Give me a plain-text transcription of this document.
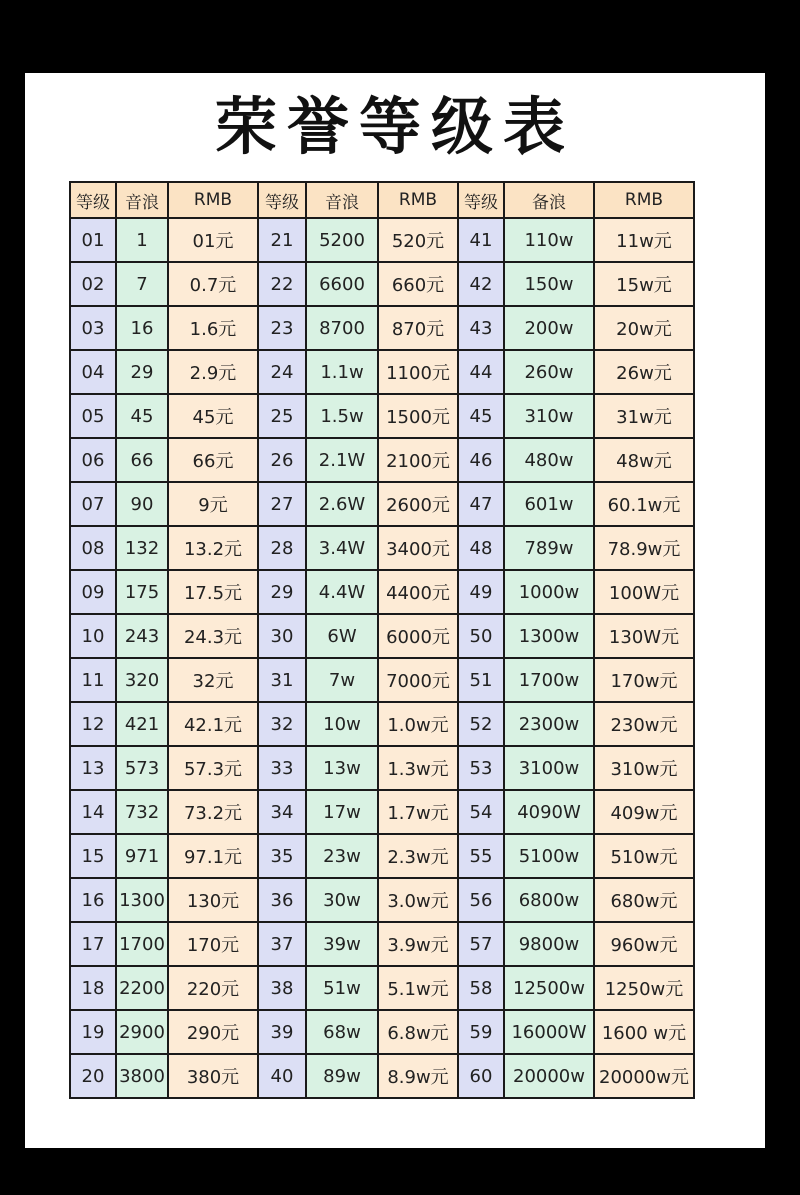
荣誉等级表
等级	音浪	RMB	等级	音浪	RMB	等级	备浪	RMB
01	1	01元	21	5200	520元	41	110w	11w元
02	7	0.7元	22	6600	660元	42	150w	15w元
03	16	1.6元	23	8700	870元	43	200w	20w元
04	29	2.9元	24	1.1w	1100元	44	260w	26w元
05	45	45元	25	1.5w	1500元	45	310w	31w元
06	66	66元	26	2.1W	2100元	46	480w	48w元
07	90	9元	27	2.6W	2600元	47	601w	60.1w元
08	132	13.2元	28	3.4W	3400元	48	789w	78.9w元
09	175	17.5元	29	4.4W	4400元	49	1000w	100W元
10	243	24.3元	30	6W	6000元	50	1300w	130W元
11	320	32元	31	7w	7000元	51	1700w	170w元
12	421	42.1元	32	10w	1.0w元	52	2300w	230w元
13	573	57.3元	33	13w	1.3w元	53	3100w	310w元
14	732	73.2元	34	17w	1.7w元	54	4090W	409w元
15	971	97.1元	35	23w	2.3w元	55	5100w	510w元
16	1300	130元	36	30w	3.0w元	56	6800w	680w元
17	1700	170元	37	39w	3.9w元	57	9800w	960w元
18	2200	220元	38	51w	5.1w元	58	12500w	1250w元
19	2900	290元	39	68w	6.8w元	59	16000W	1600 w元
20	3800	380元	40	89w	8.9w元	60	20000w	20000w元
